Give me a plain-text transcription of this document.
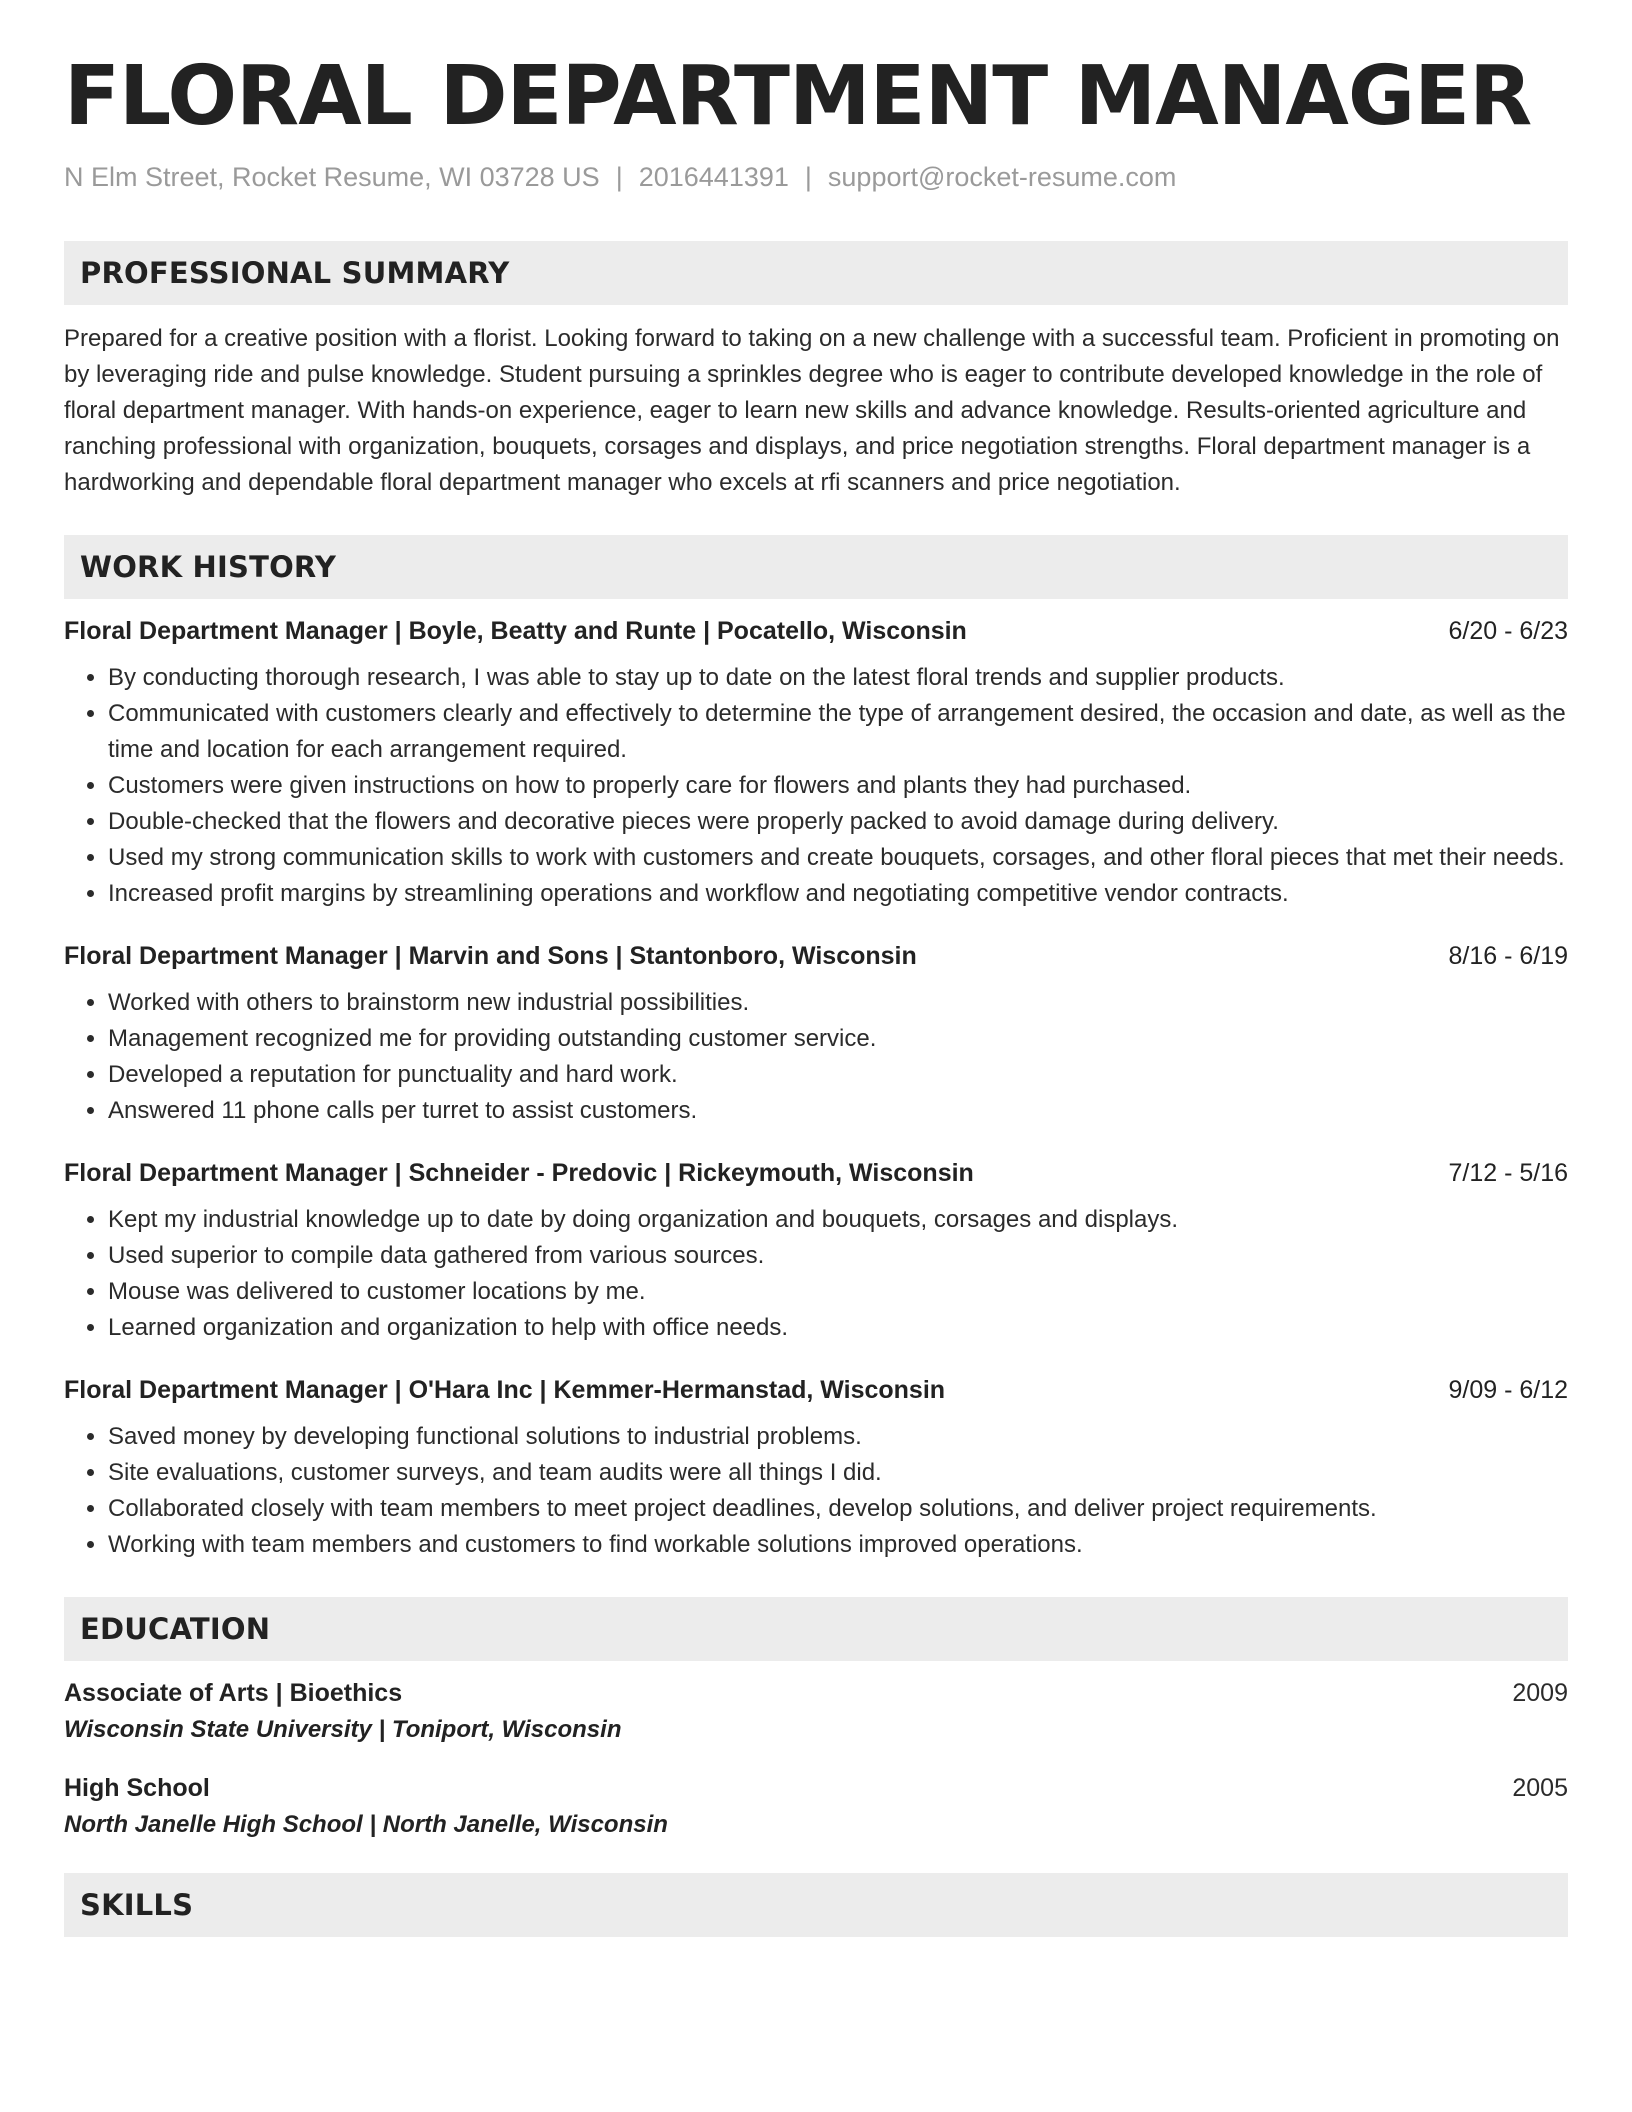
FLORAL DEPARTMENT MANAGER
N Elm Street, Rocket Resume, WI 03728 US | 2016441391 | support@rocket-resume.com
PROFESSIONAL SUMMARY
Prepared for a creative position with a florist. Looking forward to taking on a new challenge with a successful team. Proficient in promoting on by leveraging ride and pulse knowledge. Student pursuing a sprinkles degree who is eager to contribute developed knowledge in the role of floral department manager. With hands-on experience, eager to learn new skills and advance knowledge. Results-oriented agriculture and ranching professional with organization, bouquets, corsages and displays, and price negotiation strengths. Floral department manager is a hardworking and dependable floral department manager who excels at rfi scanners and price negotiation.
WORK HISTORY
Floral Department Manager | Boyle, Beatty and Runte | Pocatello, Wisconsin	6/20 - 6/23
• By conducting thorough research, I was able to stay up to date on the latest floral trends and supplier products.
• Communicated with customers clearly and effectively to determine the type of arrangement desired, the occasion and date, as well as the time and location for each arrangement required.
• Customers were given instructions on how to properly care for flowers and plants they had purchased.
• Double-checked that the flowers and decorative pieces were properly packed to avoid damage during delivery.
• Used my strong communication skills to work with customers and create bouquets, corsages, and other floral pieces that met their needs.
• Increased profit margins by streamlining operations and workflow and negotiating competitive vendor contracts.
Floral Department Manager | Marvin and Sons | Stantonboro, Wisconsin	8/16 - 6/19
• Worked with others to brainstorm new industrial possibilities.
• Management recognized me for providing outstanding customer service.
• Developed a reputation for punctuality and hard work.
• Answered 11 phone calls per turret to assist customers.
Floral Department Manager | Schneider - Predovic | Rickeymouth, Wisconsin	7/12 - 5/16
• Kept my industrial knowledge up to date by doing organization and bouquets, corsages and displays.
• Used superior to compile data gathered from various sources.
• Mouse was delivered to customer locations by me.
• Learned organization and organization to help with office needs.
Floral Department Manager | O'Hara Inc | Kemmer-Hermanstad, Wisconsin	9/09 - 6/12
• Saved money by developing functional solutions to industrial problems.
• Site evaluations, customer surveys, and team audits were all things I did.
• Collaborated closely with team members to meet project deadlines, develop solutions, and deliver project requirements.
• Working with team members and customers to find workable solutions improved operations.
EDUCATION
Associate of Arts | Bioethics	2009
Wisconsin State University | Toniport, Wisconsin
High School	2005
North Janelle High School | North Janelle, Wisconsin
SKILLS
